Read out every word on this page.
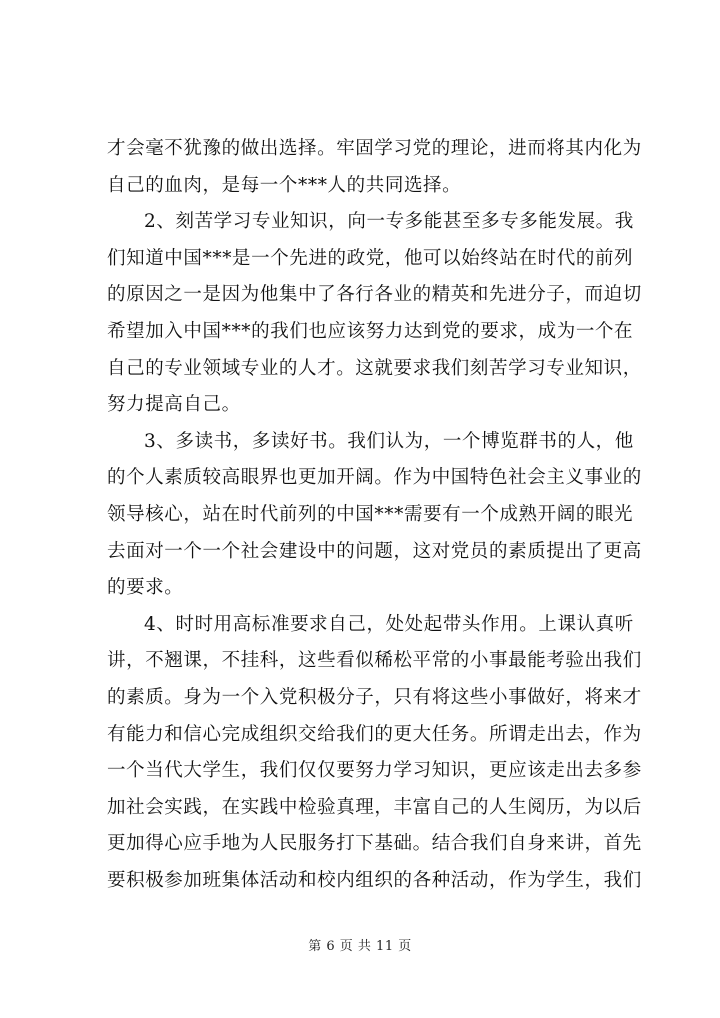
才会毫不犹豫的做出选择。牢固学习党的理论，进而将其内化为
自己的血肉，是每一个***人的共同选择。
2、刻苦学习专业知识，向一专多能甚至多专多能发展。我
们知道中国***是一个先进的政党，他可以始终站在时代的前列
的原因之一是因为他集中了各行各业的精英和先进分子，而迫切
希望加入中国***的我们也应该努力达到党的要求，成为一个在
自己的专业领域专业的人才。这就要求我们刻苦学习专业知识，
努力提高自己。
3、多读书，多读好书。我们认为，一个博览群书的人，他
的个人素质较高眼界也更加开阔。作为中国特色社会主义事业的
领导核心，站在时代前列的中国***需要有一个成熟开阔的眼光
去面对一个一个社会建设中的问题，这对党员的素质提出了更高
的要求。
4、时时用高标准要求自己，处处起带头作用。上课认真听
讲，不翘课，不挂科，这些看似稀松平常的小事最能考验出我们
的素质。身为一个入党积极分子，只有将这些小事做好，将来才
有能力和信心完成组织交给我们的更大任务。所谓走出去，作为
一个当代大学生，我们仅仅要努力学习知识，更应该走出去多参
加社会实践，在实践中检验真理，丰富自己的人生阅历，为以后
更加得心应手地为人民服务打下基础。结合我们自身来讲，首先
要积极参加班集体活动和校内组织的各种活动，作为学生，我们
第 6 页 共 11 页
